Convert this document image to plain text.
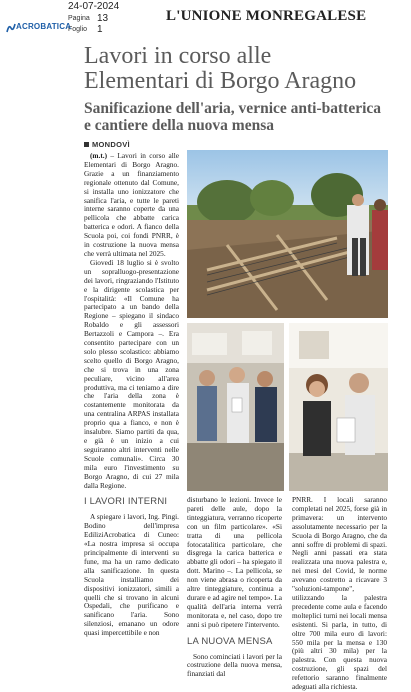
24-07-2024
Pagina 13
Foglio 1
ACROBATICA
L'UNIONE MONREGALESE
Lavori in corso alle
Elementari di Borgo Aragno
Sanificazione dell'aria, vernice anti-batterica
e cantiere della nuova mensa
MONDOVÌ

(m.t.) – Lavori in corso alle Elementari di Borgo Aragno. Grazie a un finanziamento regionale ottenuto dal Comune, si installa uno ionizzatore che sanifica l'aria, e tutte le pareti interne saranno coperte da una pellicola che abbatte carica batterica e odori. A fianco della Scuola poi, coi fondi PNRR, è in costruzione la nuova mensa che verrà ultimata nel 2025.

Giovedì 18 luglio si è svolto un sopralluogo-presentazione dei lavori, ringraziando l'Istituto e la dirigente scolastica per l'ospitalità: «Il Comune ha partecipato a un bando della Regione – spiegano il sindaco Robaldo e gli assessori Bertazzoli e Campora –. Era consentito partecipare con un solo plesso scolastico: abbiamo scelto quello di Borgo Aragno, che si trova in una zona peculiare, vicino all'area produttiva, ma ci teniamo a dire che l'aria della zona è costantemente monitorata da una centralina ARPAS installata proprio qua a fianco, e non è insalubre. Siamo partiti da qua, e già è un inizio a cui seguiranno altri interventi nelle Scuole comunali». Circa 30 mila euro l'investimento su Borgo Aragno, di cui 27 mila dalla Regione.

I LAVORI INTERNI

A spiegare i lavori, Ing. Pingi. Bodino dell'impresa EdiliziAcrobatica di Cuneo: «La nostra impresa si occupa principalmente di interventi su fune, ma ha un ramo dedicato alla sanificazione. In questa Scuola installiamo dei dispositivi ionizzatori, simili a quelli che si trovano in alcuni Ospedali, che purificano e sanificano l'aria. Sono silenziosi, emanano un odore quasi impercettibile e non

disturbano le lezioni. Invece le pareti delle aule, dopo la tinteggiatura, verranno ricoperte con un film particolare». «Si tratta di una pellicola fotocatalitica particolare, che disgrega la carica batterica e abbatte gli odori – ha spiegato il dott. Marino –. La pellicola, se non viene abrasa o ricoperta da altre tinteggiature, continua a durare e ad agire nel tempo». La qualità dell'aria interna verrà monitorata e, nel caso, dopo tre anni si può ripetere l'intervento.

LA NUOVA MENSA

Sono cominciati i lavori per la costruzione della nuova mensa, finanziati dal

PNRR. I locali saranno completati nel 2025, forse già in primavera: un intervento assolutamente necessario per la Scuola di Borgo Aragno, che da anni soffre di problemi di spazi. Negli anni passati era stata realizzata una nuova palestra e, nei mesi del Covid, le norme avevano costretto a ricavare 3 "soluzioni-tampone", utilizzando la palestra precedente come aula e facendo molteplici turni nei locali mensa esistenti. Si parla, in tutto, di oltre 700 mila euro di lavori: 550 mila per la mensa e 130 (più altri 30 mila) per la palestra. Con questa nuova costruzione, gli spazi del refettorio saranno finalmente adeguati alla richiesta.
